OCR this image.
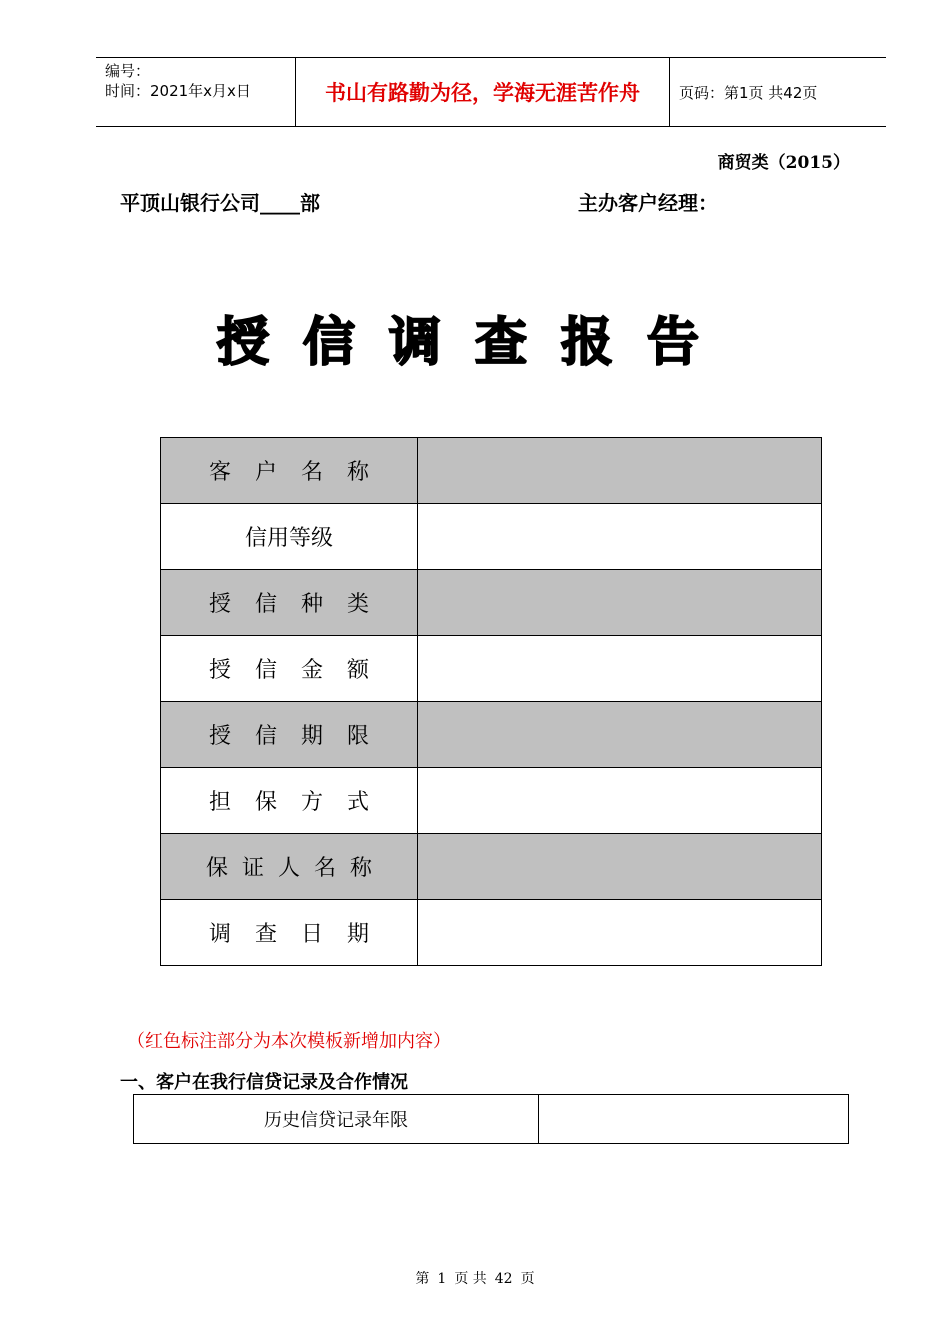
编号：
时间：2021年x月x日	书山有路勤为径，学海无涯苦作舟	页码：第1页 共42页
商贸类（2015）
平顶山银行公司____部	主办客户经理：
授信调查报告
客户名称	
信用等级	
授信种类	
授信金额	
授信期限	
担保方式	
保证人名称	
调查日期	
（红色标注部分为本次模板新增加内容）
一、客户在我行信贷记录及合作情况
历史信贷记录年限	
第 1 页 共 42 页
